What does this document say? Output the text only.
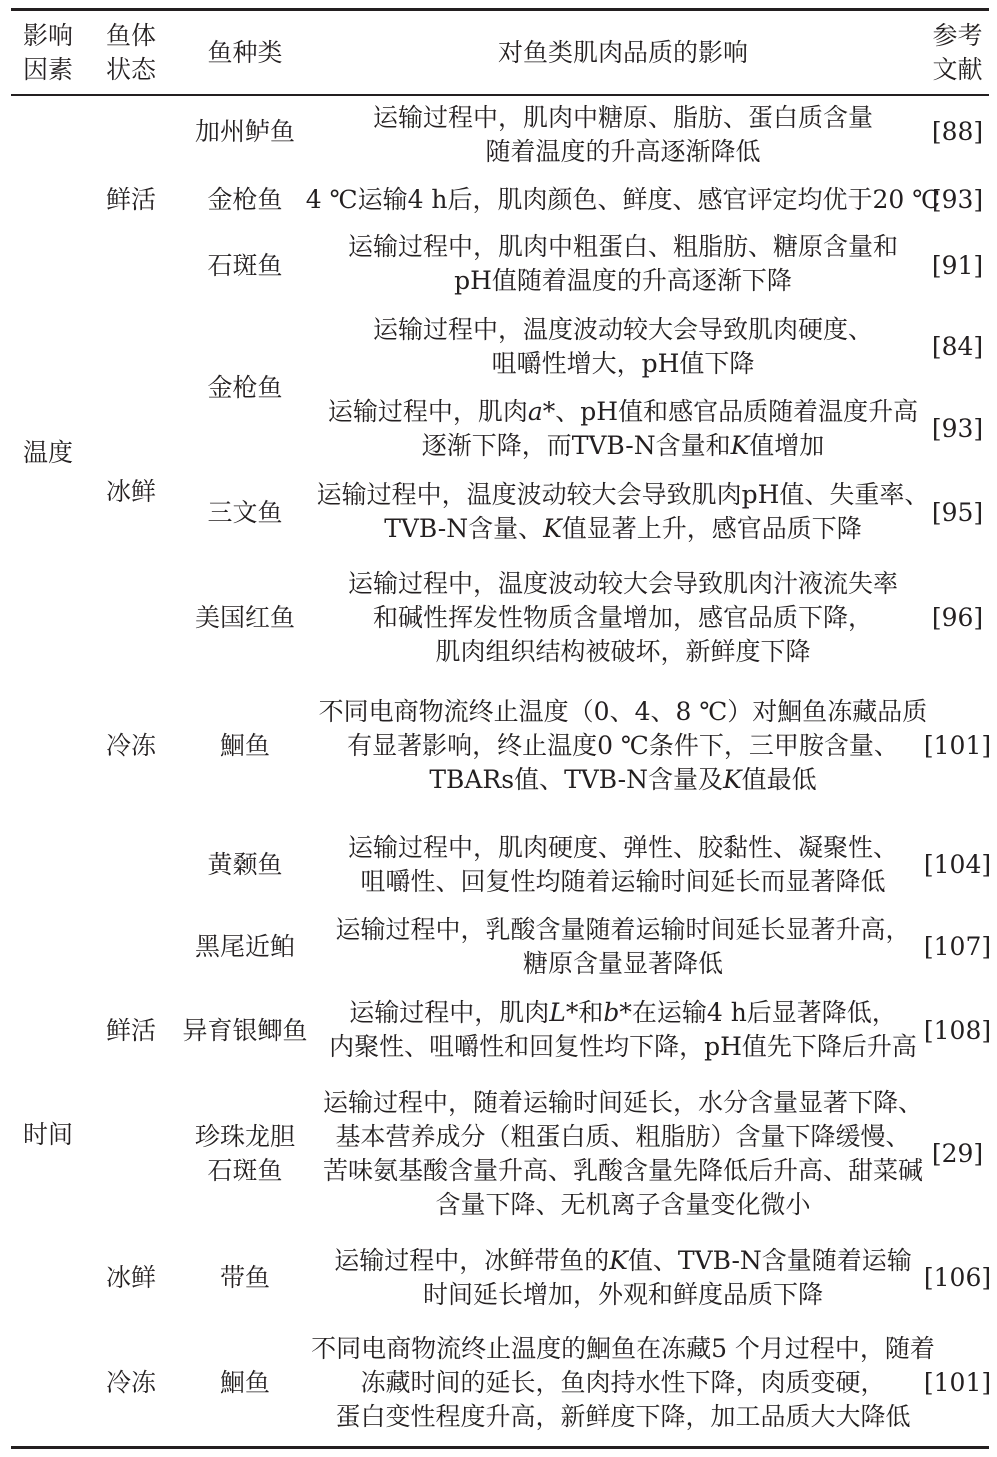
影响
因素
鱼体
状态
鱼种类	对鱼类肌肉品质的影响
参考
文献
温度
时间
鲜活
冰鲜
冷冻
鲜活
冰鲜
冷冻
加州鲈鱼	运输过程中，肌肉中糖原、脂肪、蛋白质含量
随着温度的升高逐渐降低
[88]
金枪鱼 4 ℃运输4 h后，肌肉颜色、鲜度、感官评定均优于20 ℃
[93]
石斑鱼
运输过程中，肌肉中粗蛋白、粗脂肪、糖原含量和
pH值随着温度的升高逐渐下降
[91]
金枪鱼
运输过程中，温度波动较大会导致肌肉硬度、
咀嚼性增大，pH值下降
[84]
运输过程中，肌肉a*、pH值和感官品质随着温度升高
逐渐下降，而TVB-N含量和K值增加
[93]
三文鱼
运输过程中，温度波动较大会导致肌肉pH值、失重率、
TVB-N含量、K值显著上升，感官品质下降
[95]
美国红鱼
运输过程中，温度波动较大会导致肌肉汁液流失率
和碱性挥发性物质含量增加，感官品质下降，
肌肉组织结构被破坏，新鲜度下降
[96]
鮰鱼
不同电商物流终止温度（0、4、8 ℃）对鮰鱼冻藏品质
有显著影响，终止温度0 ℃条件下，三甲胺含量、
TBARs值、TVB-N含量及K值最低
[101]
黄颡鱼
运输过程中，肌肉硬度、弹性、胶黏性、凝聚性、
咀嚼性、回复性均随着运输时间延长而显著降低
[104]
黑尾近鲌
运输过程中，乳酸含量随着运输时间延长显著升高，
糖原含量显著降低
[107]
异育银鲫鱼
运输过程中，肌肉L*和b*在运输4 h后显著降低，
内聚性、咀嚼性和回复性均下降，pH值先下降后升高
[108]
珍珠龙胆
石斑鱼
运输过程中，随着运输时间延长，水分含量显著下降、
基本营养成分（粗蛋白质、粗脂肪）含量下降缓慢、
苦味氨基酸含量升高、乳酸含量先降低后升高、甜菜碱
含量下降、无机离子含量变化微小
[29]
带鱼
运输过程中，冰鲜带鱼的K值、TVB-N含量随着运输
时间延长增加，外观和鲜度品质下降
[106]
鮰鱼
不同电商物流终止温度的鮰鱼在冻藏5 个月过程中，随着
冻藏时间的延长，鱼肉持水性下降，肉质变硬，
蛋白变性程度升高，新鲜度下降，加工品质大大降低
[101]
